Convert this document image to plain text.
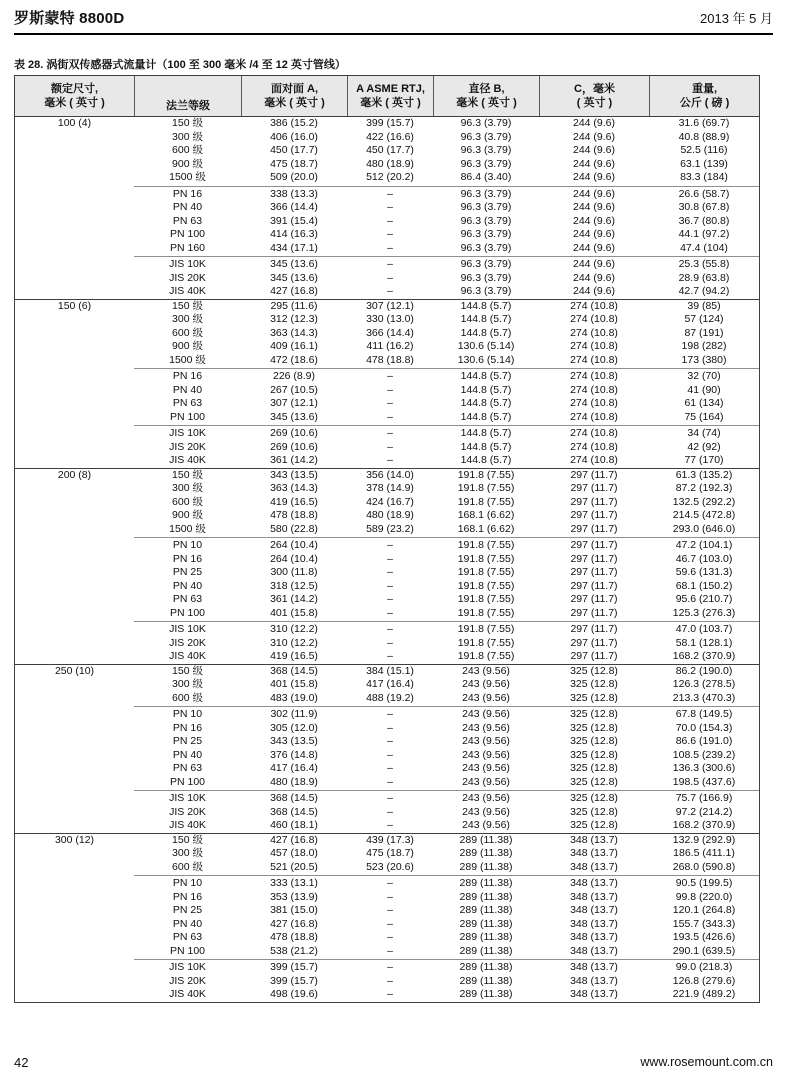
罗斯蒙特 8800D	2013 年 5 月
表 28. 涡街双传感器式流量计（100 至 300 毫米 /4 至 12 英寸管线）
额定尺寸,
毫米 ( 英寸 )	法兰等级
面对面 A,
毫米 ( 英寸 )
A ASME RTJ,
毫米 ( 英寸 )
直径 B,
毫米 ( 英寸 )
C，毫米
( 英寸 )
重量,
公斤 ( 磅 )
100 (4)	150 级	386 (15.2)	399 (15.7)	96.3 (3.79)	244 (9.6)	31.6 (69.7)
300 级	406 (16.0)	422 (16.6)	96.3 (3.79)	244 (9.6)	40.8 (88.9)
600 级	450 (17.7)	450 (17.7)	96.3 (3.79)	244 (9.6)	52.5 (116)
900 级	475 (18.7)	480 (18.9)	96.3 (3.79)	244 (9.6)	63.1 (139)
1500 级	509 (20.0)	512 (20.2)	86.4 (3.40)	244 (9.6)	83.3 (184)
PN 16	338 (13.3)	–	96.3 (3.79)	244 (9.6)	26.6 (58.7)
PN 40	366 (14.4)	–	96.3 (3.79)	244 (9.6)	30.8 (67.8)
PN 63	391 (15.4)	–	96.3 (3.79)	244 (9.6)	36.7 (80.8)
PN 100	414 (16.3)	–	96.3 (3.79)	244 (9.6)	44.1 (97.2)
PN 160	434 (17.1)	–	96.3 (3.79)	244 (9.6)	47.4 (104)
JIS 10K	345 (13.6)	–	96.3 (3.79)	244 (9.6)	25.3 (55.8)
JIS 20K	345 (13.6)	–	96.3 (3.79)	244 (9.6)	28.9 (63.8)
JIS 40K	427 (16.8)	–	96.3 (3.79)	244 (9.6)	42.7 (94.2)
150 (6)	150 级	295 (11.6)	307 (12.1)	144.8 (5.7)	274 (10.8)	39 (85)
300 级	312 (12.3)	330 (13.0)	144.8 (5.7)	274 (10.8)	57 (124)
600 级	363 (14.3)	366 (14.4)	144.8 (5.7)	274 (10.8)	87 (191)
900 级	409 (16.1)	411 (16.2)	130.6 (5.14)	274 (10.8)	198 (282)
1500 级	472 (18.6)	478 (18.8)	130.6 (5.14)	274 (10.8)	173 (380)
PN 16	226 (8.9)	–	144.8 (5.7)	274 (10.8)	32 (70)
PN 40	267 (10.5)	–	144.8 (5.7)	274 (10.8)	41 (90)
PN 63	307 (12.1)	–	144.8 (5.7)	274 (10.8)	61 (134)
PN 100	345 (13.6)	–	144.8 (5.7)	274 (10.8)	75 (164)
JIS 10K	269 (10.6)	–	144.8 (5.7)	274 (10.8)	34 (74)
JIS 20K	269 (10.6)	–	144.8 (5.7)	274 (10.8)	42 (92)
JIS 40K	361 (14.2)	–	144.8 (5.7)	274 (10.8)	77 (170)
200 (8)	150 级	343 (13.5)	356 (14.0)	191.8 (7.55)	297 (11.7)	61.3 (135.2)
300 级	363 (14.3)	378 (14.9)	191.8 (7.55)	297 (11.7)	87.2 (192.3)
600 级	419 (16.5)	424 (16.7)	191.8 (7.55)	297 (11.7)	132.5 (292.2)
900 级	478 (18.8)	480 (18.9)	168.1 (6.62)	297 (11.7)	214.5 (472.8)
1500 级	580 (22.8)	589 (23.2)	168.1 (6.62)	297 (11.7)	293.0 (646.0)
PN 10	264 (10.4)	–	191.8 (7.55)	297 (11.7)	47.2 (104.1)
PN 16	264 (10.4)	–	191.8 (7.55)	297 (11.7)	46.7 (103.0)
PN 25	300 (11.8)	–	191.8 (7.55)	297 (11.7)	59.6 (131.3)
PN 40	318 (12.5)	–	191.8 (7.55)	297 (11.7)	68.1 (150.2)
PN 63	361 (14.2)	–	191.8 (7.55)	297 (11.7)	95.6 (210.7)
PN 100	401 (15.8)	–	191.8 (7.55)	297 (11.7)	125.3 (276.3)
JIS 10K	310 (12.2)	–	191.8 (7.55)	297 (11.7)	47.0 (103.7)
JIS 20K	310 (12.2)	–	191.8 (7.55)	297 (11.7)	58.1 (128.1)
JIS 40K	419 (16.5)	–	191.8 (7.55)	297 (11.7)	168.2 (370.9)
250 (10)	150 级	368 (14.5)	384 (15.1)	243 (9.56)	325 (12.8)	86.2 (190.0)
300 级	401 (15.8)	417 (16.4)	243 (9.56)	325 (12.8)	126.3 (278.5)
600 级	483 (19.0)	488 (19.2)	243 (9.56)	325 (12.8)	213.3 (470.3)
PN 10	302 (11.9)	–	243 (9.56)	325 (12.8)	67.8 (149.5)
PN 16	305 (12.0)	–	243 (9.56)	325 (12.8)	70.0 (154.3)
PN 25	343 (13.5)	–	243 (9.56)	325 (12.8)	86.6 (191.0)
PN 40	376 (14.8)	–	243 (9.56)	325 (12.8)	108.5 (239.2)
PN 63	417 (16.4)	–	243 (9.56)	325 (12.8)	136.3 (300.6)
PN 100	480 (18.9)	–	243 (9.56)	325 (12.8)	198.5 (437.6)
JIS 10K	368 (14.5)	–	243 (9.56)	325 (12.8)	75.7 (166.9)
JIS 20K	368 (14.5)	–	243 (9.56)	325 (12.8)	97.2 (214.2)
JIS 40K	460 (18.1)	–	243 (9.56)	325 (12.8)	168.2 (370.9)
300 (12)	150 级	427 (16.8)	439 (17.3)	289 (11.38)	348 (13.7)	132.9 (292.9)
300 级	457 (18.0)	475 (18.7)	289 (11.38)	348 (13.7)	186.5 (411.1)
600 级	521 (20.5)	523 (20.6)	289 (11.38)	348 (13.7)	268.0 (590.8)
PN 10	333 (13.1)	–	289 (11.38)	348 (13.7)	90.5 (199.5)
PN 16	353 (13.9)	–	289 (11.38)	348 (13.7)	99.8 (220.0)
PN 25	381 (15.0)	–	289 (11.38)	348 (13.7)	120.1 (264.8)
PN 40	427 (16.8)	–	289 (11.38)	348 (13.7)	155.7 (343.3)
PN 63	478 (18.8)	–	289 (11.38)	348 (13.7)	193.5 (426.6)
PN 100	538 (21.2)	–	289 (11.38)	348 (13.7)	290.1 (639.5)
JIS 10K	399 (15.7)	–	289 (11.38)	348 (13.7)	99.0 (218.3)
JIS 20K	399 (15.7)	–	289 (11.38)	348 (13.7)	126.8 (279.6)
JIS 40K	498 (19.6)	–	289 (11.38)	348 (13.7)	221.9 (489.2)
42	www.rosemount.com.cn
